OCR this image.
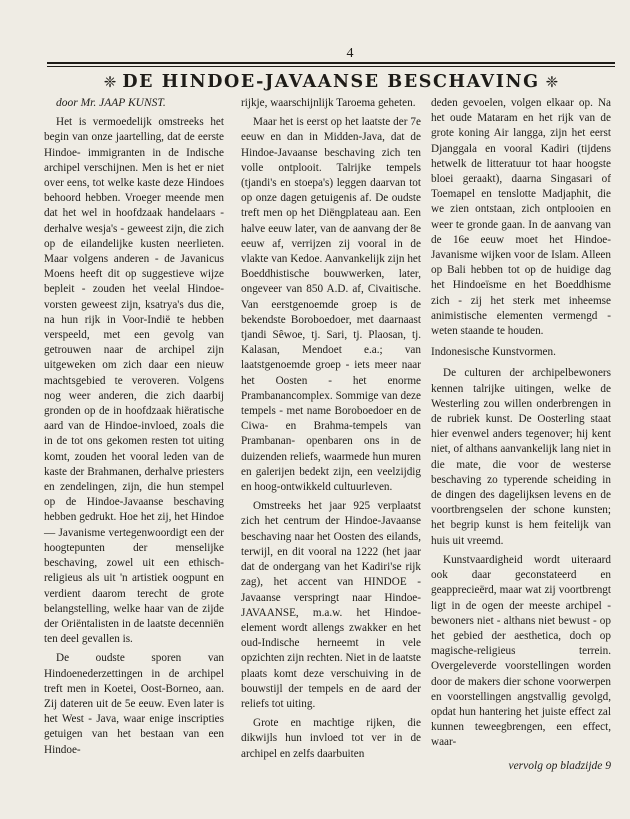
4
❈ DE HINDOE-JAVAANSE BESCHAVING ❈
door Mr. JAAP KUNST.

Het is vermoedelijk omstreeks het begin van onze jaartelling, dat de eerste Hindoe- immigranten in de Indische archipel verschijnen. Men is het er niet over eens, tot welke kaste deze Hindoes behoord hebben. Vroeger meende men dat het wel in hoofdzaak handelaars - derhalve wesja's - geweest zijn, die zich op de eilandelijke kusten neerlieten. Maar volgens anderen - de Javanicus Moens heeft dit op suggestieve wijze bepleit - zouden het veelal Hindoe-vorsten geweest zijn, ksatrya's dus die, na hun rijk in Voor-Indië te hebben verspeeld, met een gevolg van getrouwen naar de archipel zijn uitgeweken om zich daar een nieuw machtsgebied te veroveren. Volgens nog weer anderen, die zich daarbij gronden op de in hoofdzaak hiëratische aard van de Hindoe-invloed, zoals die in de tot ons gekomen resten tot uiting komt, zouden het vooral leden van de kaste der Brahmanen, derhalve priesters en zendelingen, zijn, die hun stempel op de Hindoe-Javaanse beschaving hebben gedrukt. Hoe het zij, het Hindoe — Javanisme vertegenwoordigt een der hoogtepunten der menselijke beschaving, zowel uit een ethisch-religieus als uit 'n artistiek oogpunt en verdient daarom terecht de grote belangstelling, welke haar van de zijde der Oriëntalisten in de laatste decenniën ten deel gevallen is.

De oudste sporen van Hindoenederzettingen in de archipel treft men in Koetei, Oost-Borneo, aan. Zij dateren uit de 5e eeuw. Even later is het West - Java, waar enige inscripties getuigen van het bestaan van een Hindoe-

rijkje, waarschijnlijk Taroema geheten.

Maar het is eerst op het laatste der 7e eeuw en dan in Midden-Java, dat de Hindoe-Javaanse beschaving zich ten volle ontplooit. Talrijke tempels (tjandi's en stoepa's) leggen daarvan tot op onze dagen getuigenis af. De oudste treft men op het Diëngplateau aan. Een halve eeuw later, van de aanvang der 8e eeuw af, verrijzen zij vooral in de vlakte van Kedoe. Aanvankelijk zijn het Boeddhistische bouwwerken, later, ongeveer van 850 A.D. af, Civaitische. Van eerstgenoemde groep is de bekendste Boroboedoer, met daarnaast tjandi Sêwoe, tj. Sari, tj. Plaosan, tj. Kalasan, Mendoet e.a.; van laatstgenoemde groep - iets meer naar het Oosten - het enorme Prambanancomplex. Sommige van deze tempels - met name Boroboedoer en de Ciwa- en Brahma-tempels van Prambanan- openbaren ons in de duizenden reliefs, waarmede hun muren en galerijen bedekt zijn, een veelzijdig en hoog-ontwikkeld cultuurleven.

Omstreeks het jaar 925 verplaatst zich het centrum der Hindoe-Javaanse beschaving naar het Oosten des eilands, terwijl, en dit vooral na 1222 (het jaar dat de ondergang van het Kadiri'se rijk zag), het accent van HINDOE - Javaanse verspringt naar Hindoe-JAVAANSE, m.a.w. het Hindoe- element wordt allengs zwakker en het oud-Indische herneemt in vele opzichten zijn rechten. Niet in de laatste plaats komt deze verschuiving in de bouwstijl der tempels en de aard der reliefs tot uiting.

Grote en machtige rijken, die dikwijls hun invloed tot ver in de archipel en zelfs daarbuiten

deden gevoelen, volgen elkaar op. Na het oude Mataram en het rijk van de grote koning Air langga, zijn het eerst Djanggala en vooral Kadiri (tijdens hetwelk de litteratuur tot haar hoogste bloei geraakt), daarna Singasari of Toemapel en tenslotte Madjaphit, die we zien ontstaan, zich ontplooien en weer te gronde gaan. In de aanvang van de 16e eeuw moet het Hindoe-Javanisme wijken voor de Islam. Alleen op Bali hebben tot op de huidige dag het Hindoeïsme en het Boeddhisme zich - zij het sterk met inheemse animistische elementen vermengd - weten staande te houden.

Indonesische Kunstvormen.

De culturen der archipelbewoners kennen talrijke uitingen, welke de Westerling zou willen onderbrengen in de rubriek kunst. De Oosterling staat hier evenwel anders tegenover; hij kent niet, of althans aanvankelijk lang niet in die mate, die voor de westerse beschaving zo typerende scheiding in de dingen des dagelijksen levens en de voortbrengselen der schone kunsten; het begrip kunst is hem feitelijk van huis uit vreemd.

Kunstvaardigheid wordt uiteraard ook daar geconstateerd en geapprecieërd, maar wat zij voortbrengt ligt in de ogen der meeste archipel - bewoners niet - althans niet bewust - op het gebied der aesthetica, doch op magische-religieus terrein. Overgeleverde voorstellingen worden door de makers dier schone voorwerpen en voorstellingen angstvallig gevolgd, opdat hun hantering het juiste effect zal kunnen teweegbrengen, een effect, waar-

vervolg op bladzijde 9
